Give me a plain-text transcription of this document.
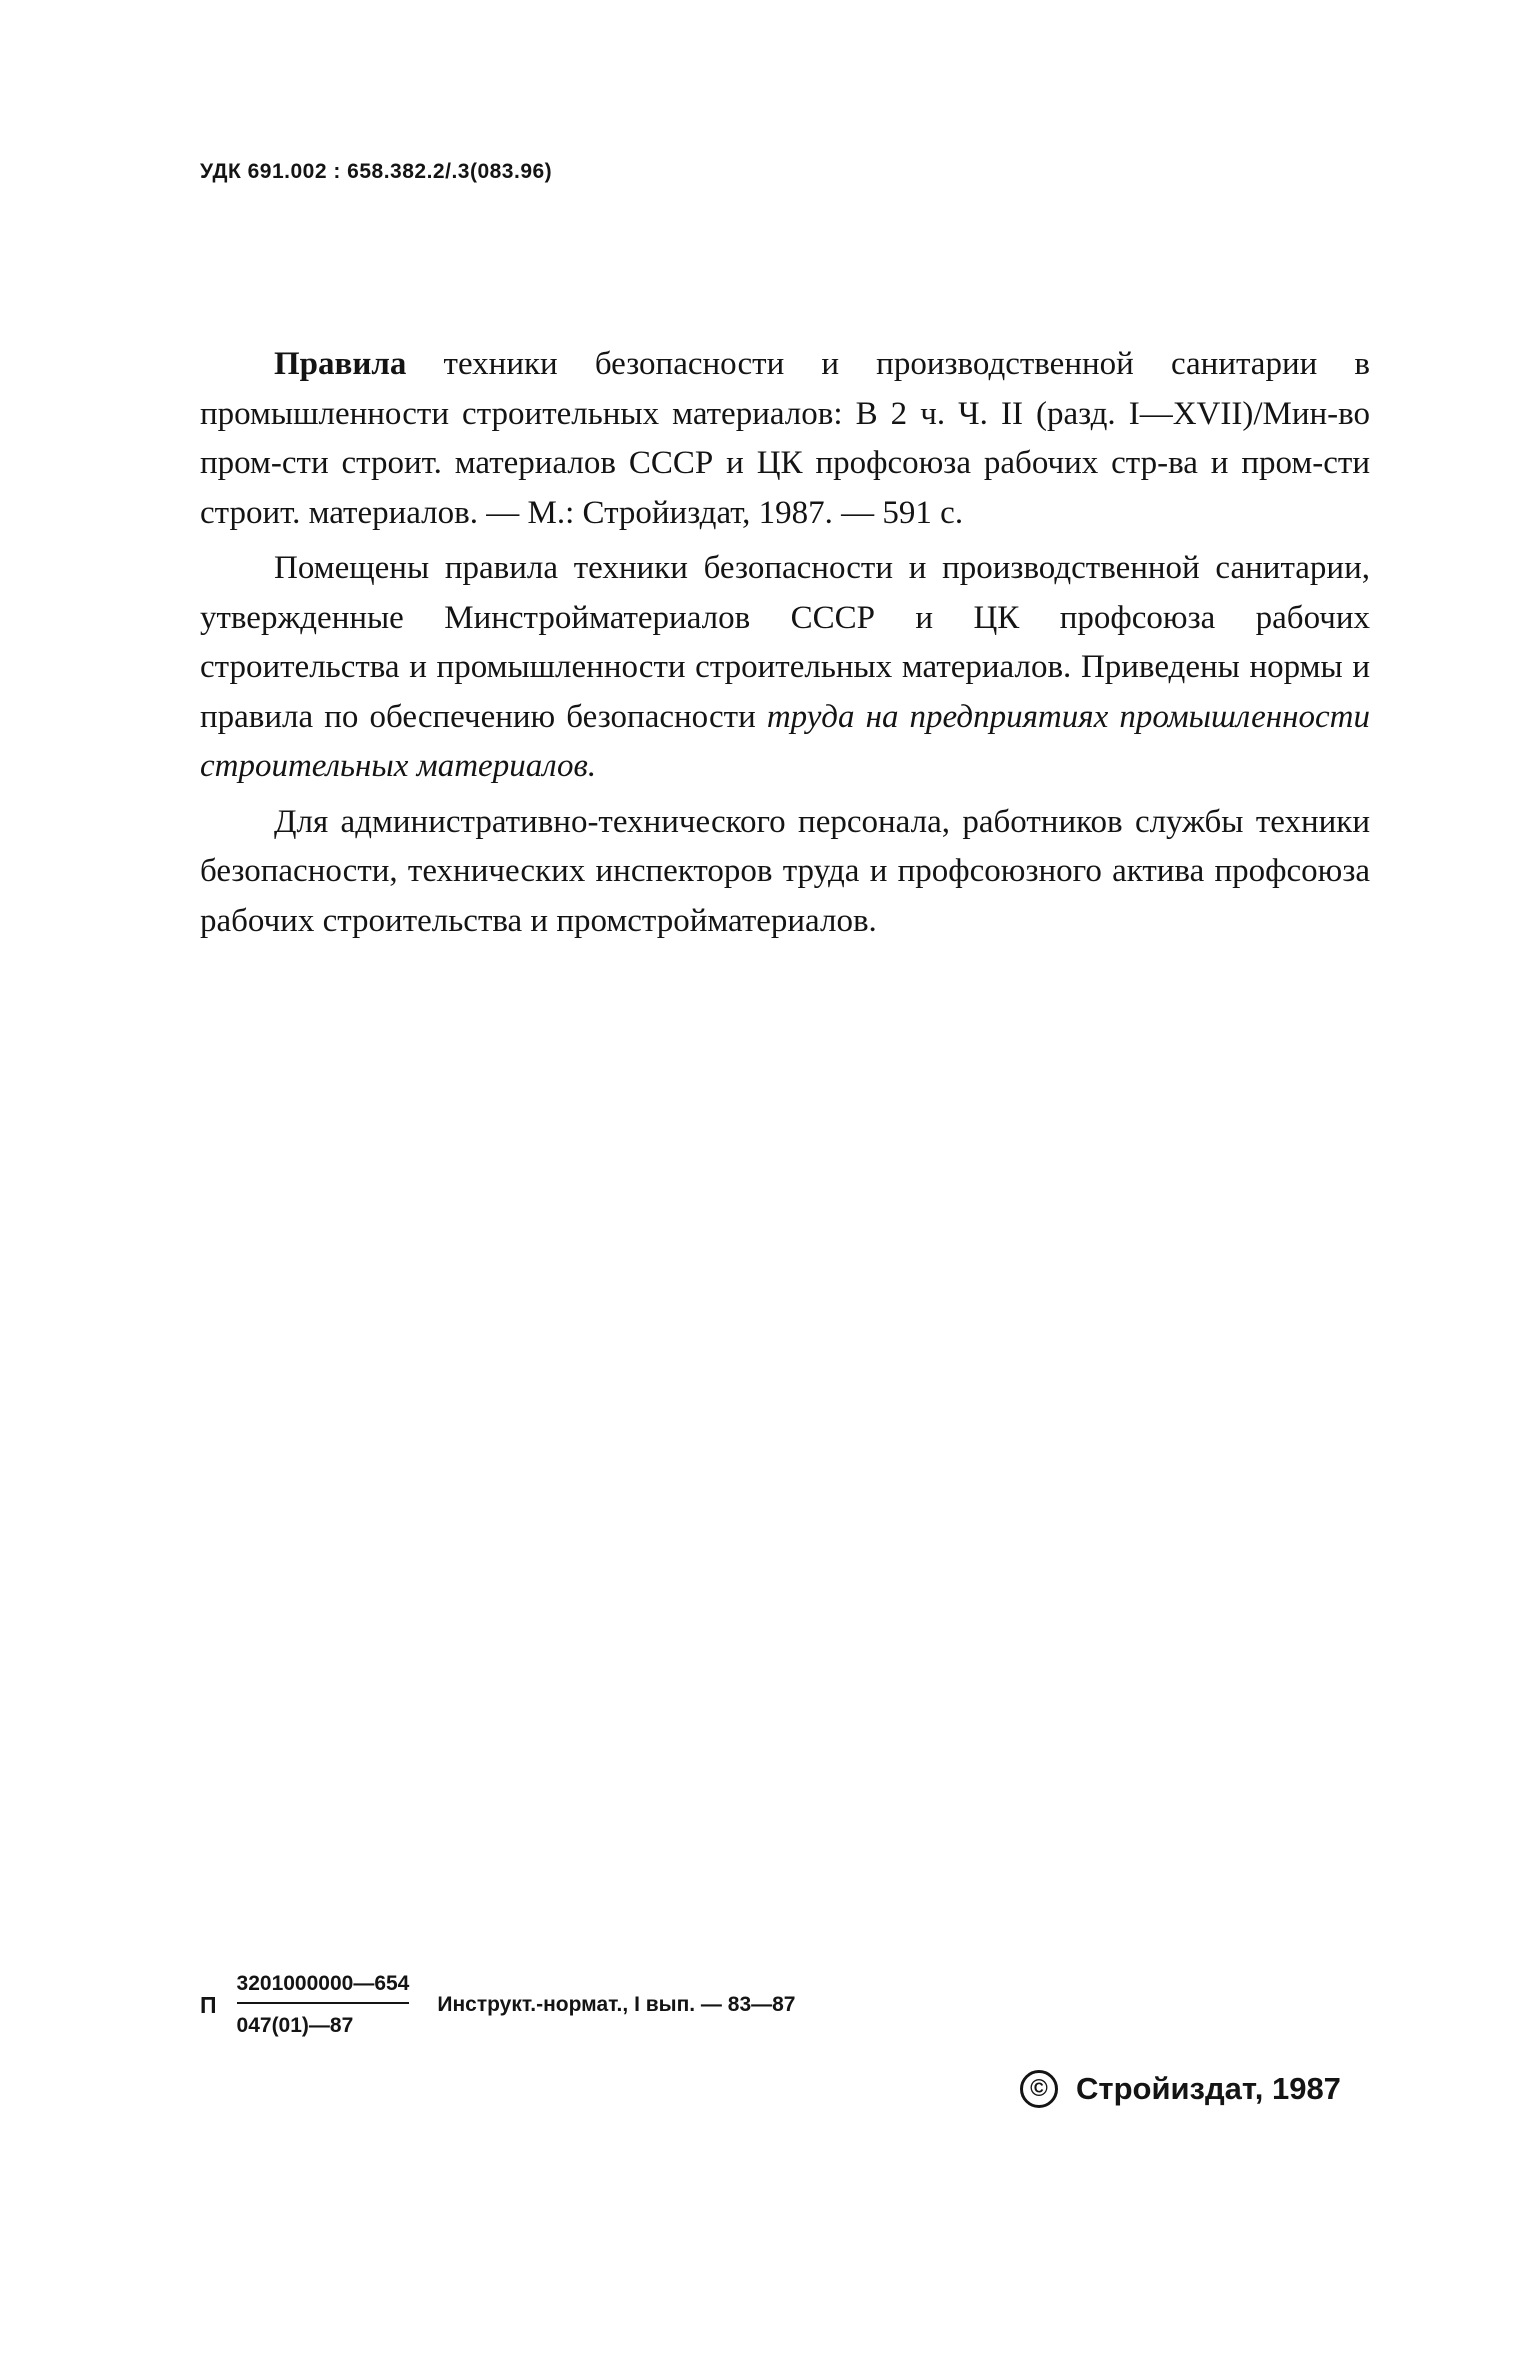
УДК 691.002 : 658.382.2/.3(083.96)

Правила техники безопасности и производственной санитарии в промышленности строительных материалов: В 2 ч. Ч. II (разд. I—XVII)/Мин-во пром-сти строит. материалов СССР и ЦК профсоюза рабочих стр-ва и пром-сти строит. материалов. — М.: Стройиздат, 1987. — 591 с.

Помещены правила техники безопасности и производственной санитарии, утвержденные Минстройматериалов СССР и ЦК профсоюза рабочих строительства и промышленности строительных материалов. Приведены нормы и правила по обеспечению безопасности труда на предприятиях промышленности строительных материалов.

Для административно-технического персонала, работников службы техники безопасности, технических инспекторов труда и профсоюзного актива профсоюза рабочих строительства и промстройматериалов.

П $\frac{3201000000—654}{047(01)—87}$ Инструкт.-нормат., I вып. — 83—87
© Стройиздат, 1987
